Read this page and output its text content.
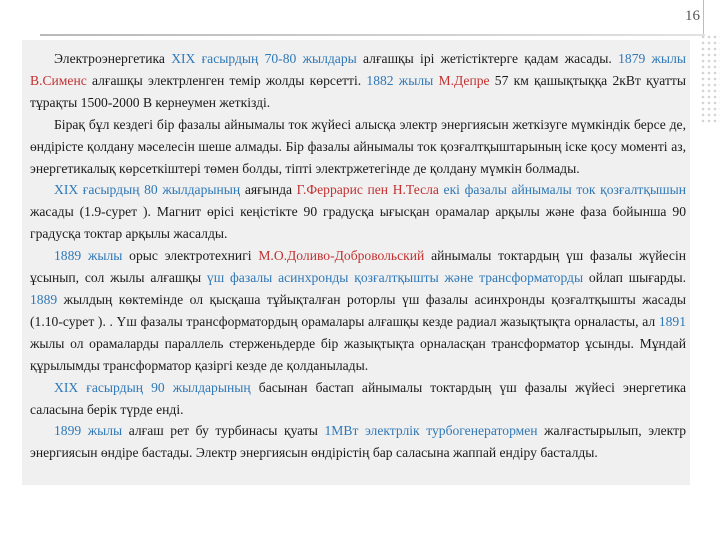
16

Электроэнергетика XIX ғасырдың 70-80 жылдары алғашқы ірі жетістіктерге қадам жасады. 1879 жылы В.Сименс алғашқы электрленген темір жолды көрсетті. 1882 жылы М.Депре 57 км қашықтыққа 2кВт қуатты тұрақты 1500-2000 В кернеумен жеткізді.

Бірақ бұл кездегі бір фазалы айнымалы ток жүйесі алысқа электр энергиясын жеткізуге мүмкіндік берсе де, өндірісте қолдану мәселесін шеше алмады. Бір фазалы айнымалы ток қозғалтқыштарының іске қосу моменті аз, энергетикалық көрсеткіштері төмен болды, тіпті электржетегінде де қолдану мүмкін болмады.

XIX ғасырдың 80 жылдарының аяғында Г.Феррарис пен Н.Тесла екі фазалы айнымалы ток қозғалтқышын жасады (1.9-сурет ). Магнит өрісі кеңістікте 90 градусқа ығысқан орамалар арқылы және фаза бойынша 90 градусқа токтар арқылы жасалды.

1889 жылы орыс электротехнигі М.О.Доливо-Добровольский айнымалы токтардың үш фазалы жүйесін ұсынып, сол жылы алғашқы үш фазалы асинхронды қозғалтқышты және трансформаторды ойлап шығарды. 1889 жылдың көктемінде ол қысқаша тұйықталған роторлы үш фазалы асинхронды қозғалтқышты жасады (1.10-сурет ). . Үш фазалы трансформатордың орамалары алғашқы кезде радиал жазықтықта орналасты, ал 1891 жылы ол орамаларды параллель стерженьдерде бір жазықтықта орналасқан трансформатор ұсынды. Мұндай құрылымды трансформатор қазіргі кезде де қолданылады.

XIX ғасырдың 90 жылдарының басынан бастап айнымалы токтардың үш фазалы жүйесі энергетика саласына берік түрде енді.

1899 жылы алғаш рет бу турбинасы қуаты 1МВт электрлік турбогенератормен жалғастырылып, электр энергиясын өндіре бастады. Электр энергиясын өндірістің бар саласына жаппай ендіру басталды.
